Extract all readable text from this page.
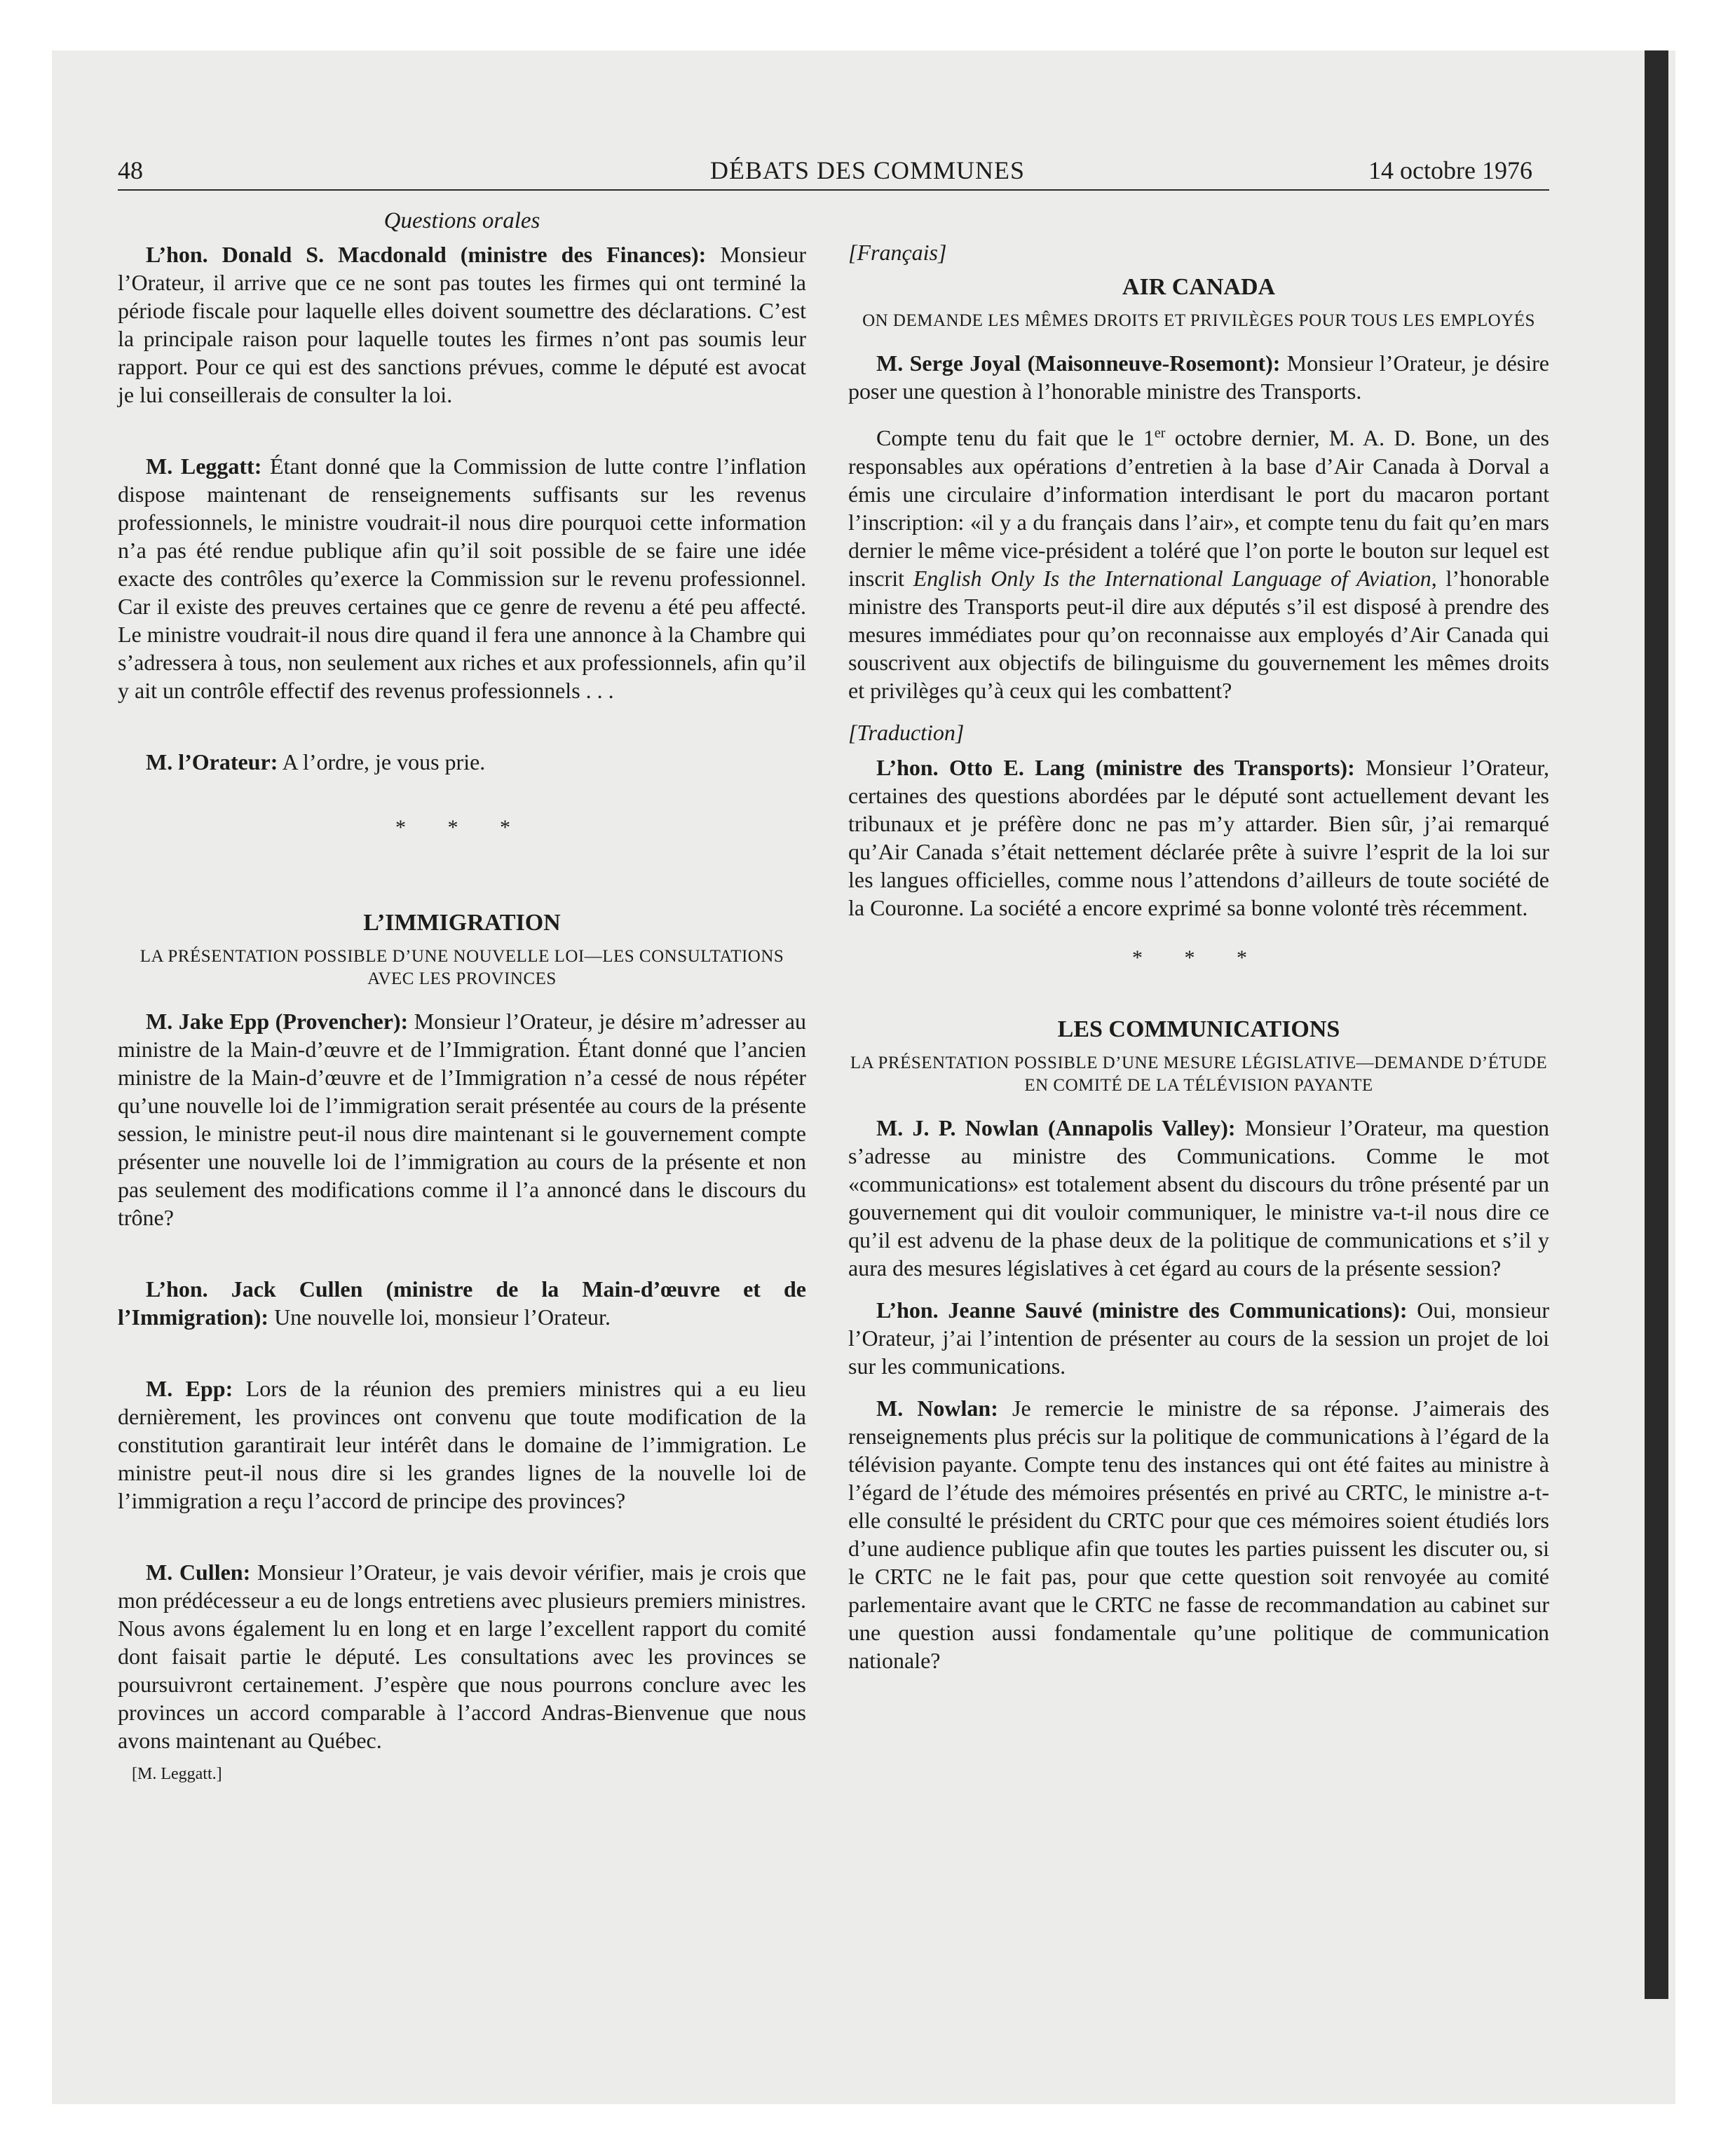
48	DÉBATS DES COMMUNES	14 octobre 1976
Questions orales

L’hon. Donald S. Macdonald (ministre des Finances): Monsieur l’Orateur, il arrive que ce ne sont pas toutes les firmes qui ont terminé la période fiscale pour laquelle elles doivent soumettre des déclarations. C’est la principale raison pour laquelle toutes les firmes n’ont pas soumis leur rapport. Pour ce qui est des sanctions prévues, comme le député est avocat je lui conseillerais de consulter la loi.

M. Leggatt: Étant donné que la Commission de lutte contre l’inflation dispose maintenant de renseignements suffisants sur les revenus professionnels, le ministre voudrait-il nous dire pourquoi cette information n’a pas été rendue publique afin qu’il soit possible de se faire une idée exacte des contrôles qu’exerce la Commission sur le revenu professionnel. Car il existe des preuves certaines que ce genre de revenu a été peu affecté. Le ministre voudrait-il nous dire quand il fera une annonce à la Chambre qui s’adressera à tous, non seulement aux riches et aux professionnels, afin qu’il y ait un contrôle effectif des revenus professionnels . . .

M. l’Orateur: A l’ordre, je vous prie.

* * *
L’IMMIGRATION
LA PRÉSENTATION POSSIBLE D’UNE NOUVELLE LOI—LES CONSULTATIONS AVEC LES PROVINCES

M. Jake Epp (Provencher): Monsieur l’Orateur, je désire m’adresser au ministre de la Main-d’œuvre et de l’Immigration. Étant donné que l’ancien ministre de la Main-d’œuvre et de l’Immigration n’a cessé de nous répéter qu’une nouvelle loi de l’immigration serait présentée au cours de la présente session, le ministre peut-il nous dire maintenant si le gouvernement compte présenter une nouvelle loi de l’immigration au cours de la présente et non pas seulement des modifications comme il l’a annoncé dans le discours du trône?

L’hon. Jack Cullen (ministre de la Main-d’œuvre et de l’Immigration): Une nouvelle loi, monsieur l’Orateur.

M. Epp: Lors de la réunion des premiers ministres qui a eu lieu dernièrement, les provinces ont convenu que toute modification de la constitution garantirait leur intérêt dans le domaine de l’immigration. Le ministre peut-il nous dire si les grandes lignes de la nouvelle loi de l’immigration a reçu l’accord de principe des provinces?

M. Cullen: Monsieur l’Orateur, je vais devoir vérifier, mais je crois que mon prédécesseur a eu de longs entretiens avec plusieurs premiers ministres. Nous avons également lu en long et en large l’excellent rapport du comité dont faisait partie le député. Les consultations avec les provinces se poursuivront certainement. J’espère que nous pourrons conclure avec les provinces un accord comparable à l’accord Andras-Bienvenue que nous avons maintenant au Québec.

[M. Leggatt.]
[Français]
AIR CANADA
ON DEMANDE LES MÊMES DROITS ET PRIVILÈGES POUR TOUS LES EMPLOYÉS

M. Serge Joyal (Maisonneuve-Rosemont): Monsieur l’Orateur, je désire poser une question à l’honorable ministre des Transports.

Compte tenu du fait que le 1er octobre dernier, M. A. D. Bone, un des responsables aux opérations d’entretien à la base d’Air Canada à Dorval a émis une circulaire d’information interdisant le port du macaron portant l’inscription: «il y a du français dans l’air», et compte tenu du fait qu’en mars dernier le même vice-président a toléré que l’on porte le bouton sur lequel est inscrit English Only Is the International Language of Aviation, l’honorable ministre des Transports peut-il dire aux députés s’il est disposé à prendre des mesures immédiates pour qu’on reconnaisse aux employés d’Air Canada qui souscrivent aux objectifs de bilinguisme du gouvernement les mêmes droits et privilèges qu’à ceux qui les combattent?

[Traduction]

L’hon. Otto E. Lang (ministre des Transports): Monsieur l’Orateur, certaines des questions abordées par le député sont actuellement devant les tribunaux et je préfère donc ne pas m’y attarder. Bien sûr, j’ai remarqué qu’Air Canada s’était nettement déclarée prête à suivre l’esprit de la loi sur les langues officielles, comme nous l’attendons d’ailleurs de toute société de la Couronne. La société a encore exprimé sa bonne volonté très récemment.

* * *
LES COMMUNICATIONS
LA PRÉSENTATION POSSIBLE D’UNE MESURE LÉGISLATIVE—DEMANDE D’ÉTUDE EN COMITÉ DE LA TÉLÉVISION PAYANTE

M. J. P. Nowlan (Annapolis Valley): Monsieur l’Orateur, ma question s’adresse au ministre des Communications. Comme le mot «communications» est totalement absent du discours du trône présenté par un gouvernement qui dit vouloir communiquer, le ministre va-t-il nous dire ce qu’il est advenu de la phase deux de la politique de communications et s’il y aura des mesures législatives à cet égard au cours de la présente session?

L’hon. Jeanne Sauvé (ministre des Communications): Oui, monsieur l’Orateur, j’ai l’intention de présenter au cours de la session un projet de loi sur les communications.

M. Nowlan: Je remercie le ministre de sa réponse. J’aimerais des renseignements plus précis sur la politique de communications à l’égard de la télévision payante. Compte tenu des instances qui ont été faites au ministre à l’égard de l’étude des mémoires présentés en privé au CRTC, le ministre a-t-elle consulté le président du CRTC pour que ces mémoires soient étudiés lors d’une audience publique afin que toutes les parties puissent les discuter ou, si le CRTC ne le fait pas, pour que cette question soit renvoyée au comité parlementaire avant que le CRTC ne fasse de recommandation au cabinet sur une question aussi fondamentale qu’une politique de communication nationale?
